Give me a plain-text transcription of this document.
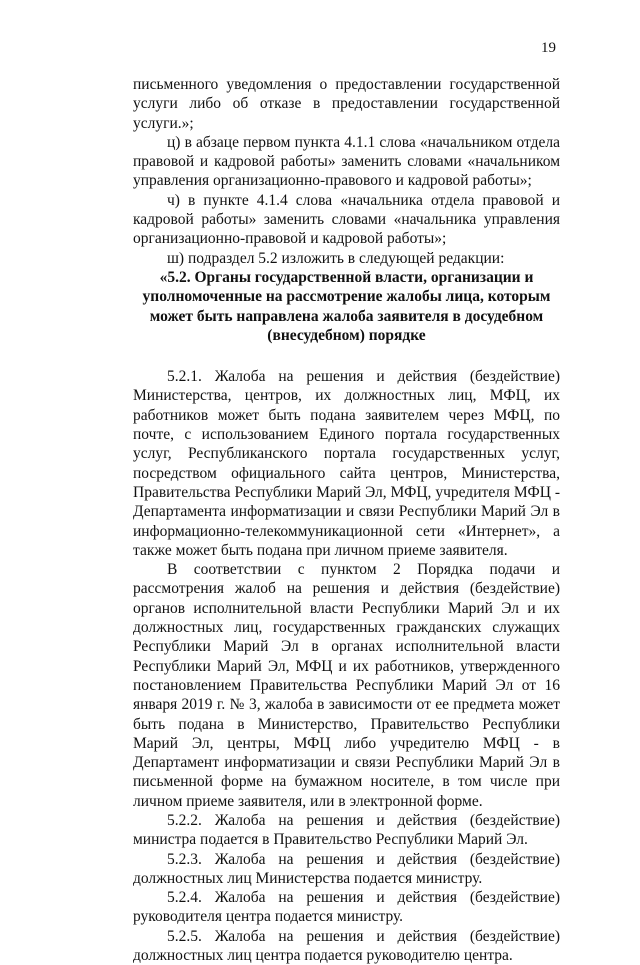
19

письменного уведомления о предоставлении государственной услуги либо об отказе в предоставлении государственной услуги.»;

ц) в абзаце первом пункта 4.1.1 слова «начальником отдела правовой и кадровой работы» заменить словами «начальником управления организационно-правового и кадровой работы»;

ч) в пункте 4.1.4 слова «начальника отдела правовой и кадровой работы» заменить словами «начальника управления организационно-правовой и кадровой работы»;

ш) подраздел 5.2 изложить в следующей редакции:

«5.2. Органы государственной власти, организации и уполномоченные на рассмотрение жалобы лица, которым может быть направлена жалоба заявителя в досудебном (внесудебном) порядке

5.2.1. Жалоба на решения и действия (бездействие) Министерства, центров, их должностных лиц, МФЦ, их работников может быть подана заявителем через МФЦ, по почте, с использованием Единого портала государственных услуг, Республиканского портала государственных услуг, посредством официального сайта центров, Министерства, Правительства Республики Марий Эл, МФЦ, учредителя МФЦ - Департамента информатизации и связи Республики Марий Эл в информационно-телекоммуникационной сети «Интернет», а также может быть подана при личном приеме заявителя.

В соответствии с пунктом 2 Порядка подачи и рассмотрения жалоб на решения и действия (бездействие) органов исполнительной власти Республики Марий Эл и их должностных лиц, государственных гражданских служащих Республики Марий Эл в органах исполнительной власти Республики Марий Эл, МФЦ и их работников, утвержденного постановлением Правительства Республики Марий Эл от 16 января 2019 г. № 3, жалоба в зависимости от ее предмета может быть подана в Министерство, Правительство Республики Марий Эл, центры, МФЦ либо учредителю МФЦ - в Департамент информатизации и связи Республики Марий Эл в письменной форме на бумажном носителе, в том числе при личном приеме заявителя, или в электронной форме.

5.2.2. Жалоба на решения и действия (бездействие) министра подается в Правительство Республики Марий Эл.

5.2.3. Жалоба на решения и действия (бездействие) должностных лиц Министерства подается министру.

5.2.4. Жалоба на решения и действия (бездействие) руководителя центра подается министру.

5.2.5. Жалоба на решения и действия (бездействие) должностных лиц центра подается руководителю центра.
